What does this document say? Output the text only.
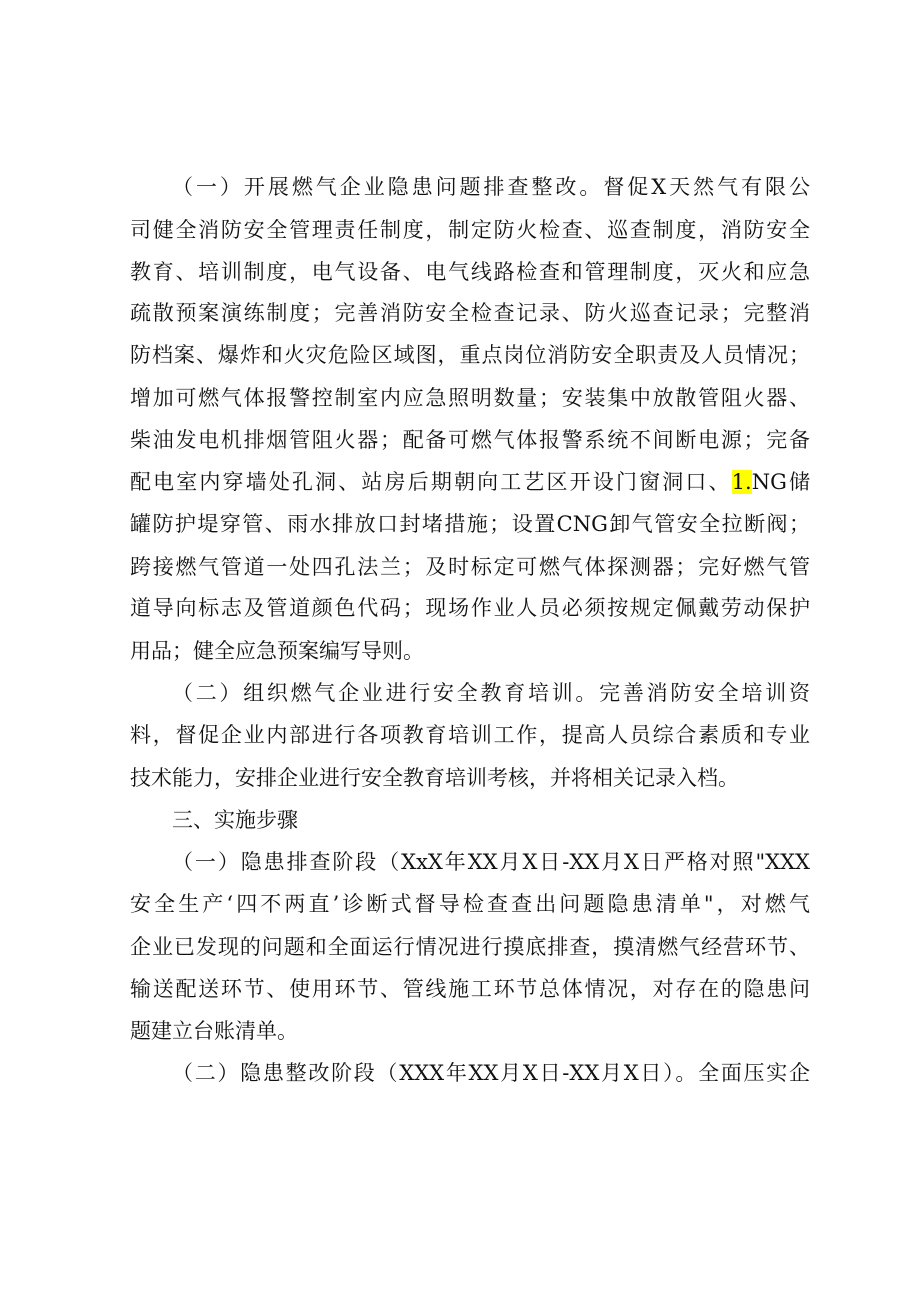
（一）开展燃气企业隐患问题排查整改。督促X天然气有限公
司健全消防安全管理责任制度，制定防火检查、巡查制度，消防安全
教育、培训制度，电气设备、电气线路检查和管理制度，灭火和应急
疏散预案演练制度；完善消防安全检查记录、防火巡查记录；完整消
防档案、爆炸和火灾危险区域图，重点岗位消防安全职责及人员情况；
增加可燃气体报警控制室内应急照明数量；安装集中放散管阻火器、
柴油发电机排烟管阻火器；配备可燃气体报警系统不间断电源；完备
配电室内穿墙处孔洞、站房后期朝向工艺区开设门窗洞口、1.NG储
罐防护堤穿管、雨水排放口封堵措施；设置CNG卸气管安全拉断阀；
跨接燃气管道一处四孔法兰；及时标定可燃气体探测器；完好燃气管
道导向标志及管道颜色代码；现场作业人员必须按规定佩戴劳动保护
用品；健全应急预案编写导则。
（二）组织燃气企业进行安全教育培训。完善消防安全培训资
料，督促企业内部进行各项教育培训工作，提高人员综合素质和专业
技术能力，安排企业进行安全教育培训考核，并将相关记录入档。
三、实施步骤
（一）隐患排查阶段（XxX年XX月X日-XX月X日严格对照"XXX
安全生产‘四不两直’诊断式督导检查查出问题隐患清单"，对燃气
企业已发现的问题和全面运行情况进行摸底排查，摸清燃气经营环节、
输送配送环节、使用环节、管线施工环节总体情况，对存在的隐患问
题建立台账清单。
（二）隐患整改阶段（XXX年XX月X日-XX月X日）。全面压实企
